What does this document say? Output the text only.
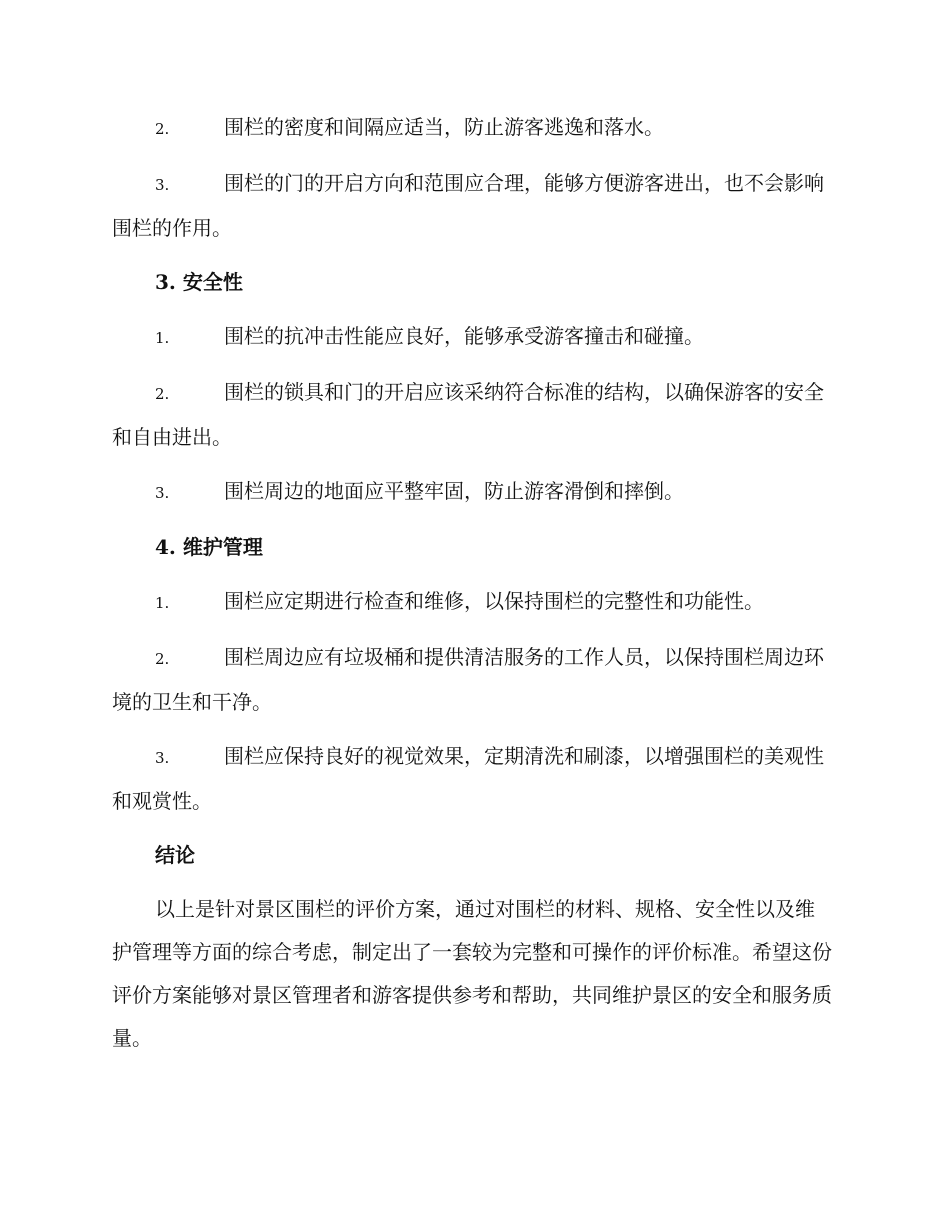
2.	围栏的密度和间隔应适当，防止游客逃逸和落水。

3.	围栏的门的开启方向和范围应合理，能够方便游客进出，也不会影响围栏的作用。

3. 安全性

1.	围栏的抗冲击性能应良好，能够承受游客撞击和碰撞。

2.	围栏的锁具和门的开启应该采纳符合标准的结构，以确保游客的安全和自由进出。

3.	围栏周边的地面应平整牢固，防止游客滑倒和摔倒。

4. 维护管理

1.	围栏应定期进行检查和维修，以保持围栏的完整性和功能性。

2.	围栏周边应有垃圾桶和提供清洁服务的工作人员，以保持围栏周边环境的卫生和干净。

3.	围栏应保持良好的视觉效果，定期清洗和刷漆，以增强围栏的美观性和观赏性。

结论

以上是针对景区围栏的评价方案，通过对围栏的材料、规格、安全性以及维护管理等方面的综合考虑，制定出了一套较为完整和可操作的评价标准。希望这份评价方案能够对景区管理者和游客提供参考和帮助，共同维护景区的安全和服务质量。
